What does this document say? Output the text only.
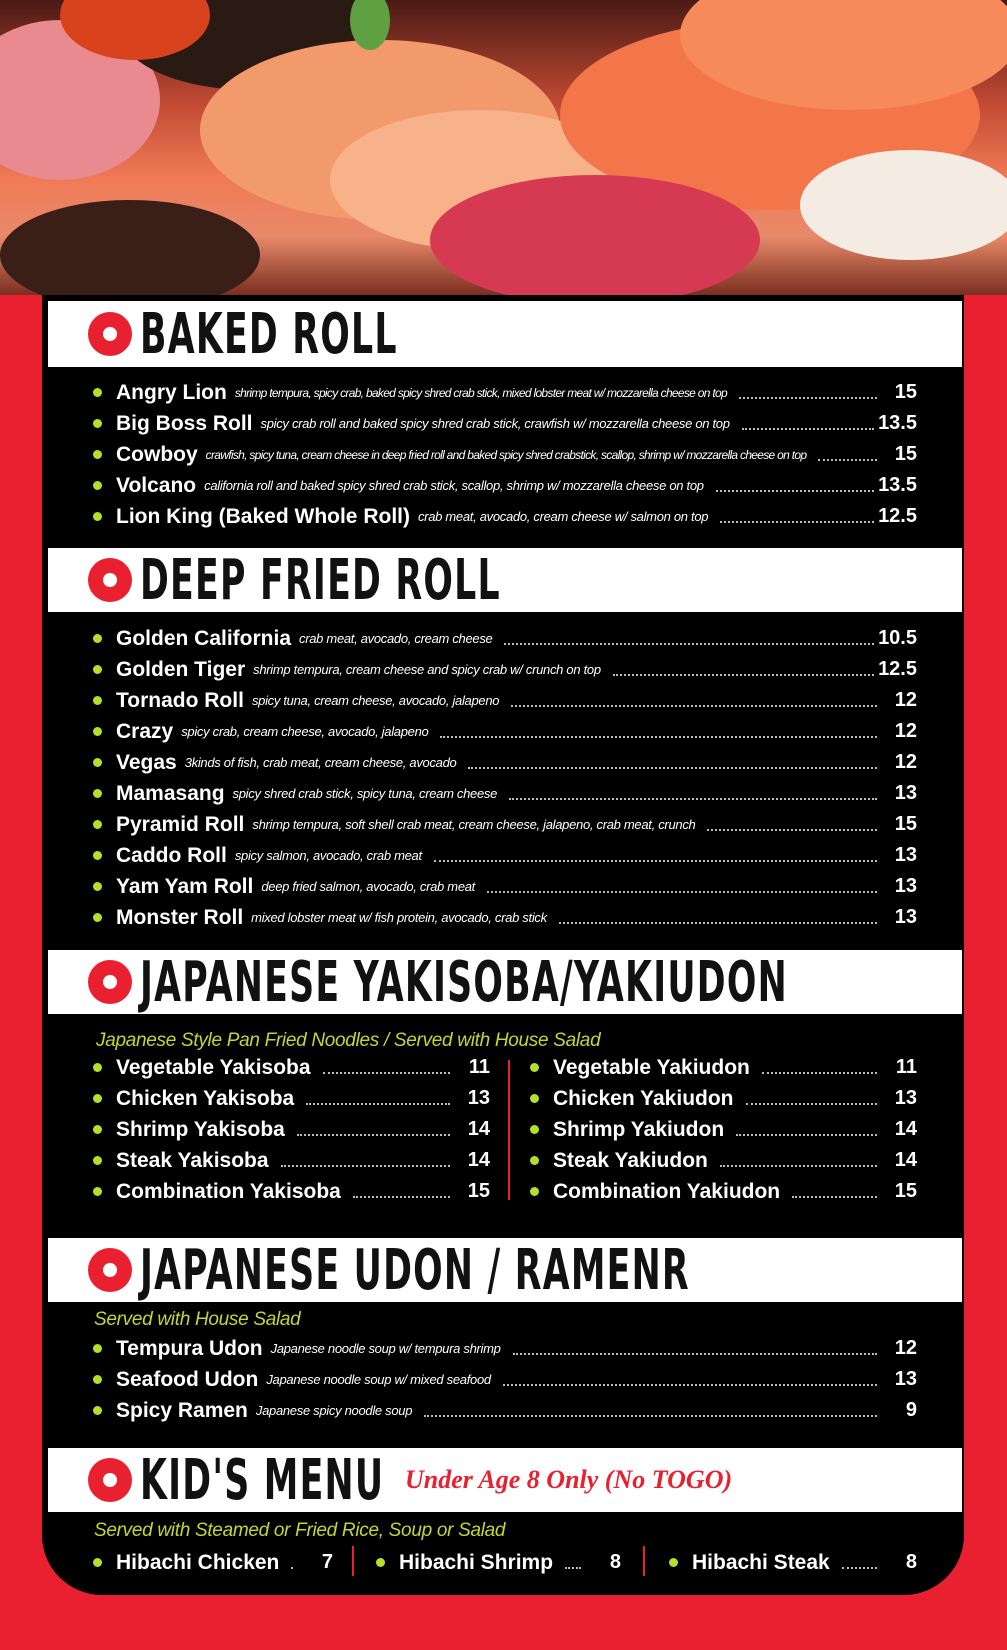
BAKED ROLL
Angry Lion shrimp tempura, spicy crab, baked spicy shred crab stick, mixed lobster meat w/ mozzarella cheese on top	15
Big Boss Roll spicy crab roll and baked spicy shred crab stick, crawfish w/ mozzarella cheese on top	13.5
Cowboy crawfish, spicy tuna, cream cheese in deep fried roll and baked spicy shred crabstick, scallop, shrimp w/ mozzarella cheese on top	15
Volcano california roll and baked spicy shred crab stick, scallop, shrimp w/ mozzarella cheese on top	13.5
Lion King (Baked Whole Roll) crab meat, avocado, cream cheese w/ salmon on top	12.5
DEEP FRIED ROLL
Golden California crab meat, avocado, cream cheese	10.5
Golden Tiger shrimp tempura, cream cheese and spicy crab w/ crunch on top	12.5
Tornado Roll spicy tuna, cream cheese, avocado, jalapeno	12
Crazy spicy crab, cream cheese, avocado, jalapeno	12
Vegas 3kinds of fish, crab meat, cream cheese, avocado	12
Mamasang spicy shred crab stick, spicy tuna, cream cheese	13
Pyramid Roll shrimp tempura, soft shell crab meat, cream cheese, jalapeno, crab meat, crunch	15
Caddo Roll spicy salmon, avocado, crab meat	13
Yam Yam Roll deep fried salmon, avocado, crab meat	13
Monster Roll mixed lobster meat w/ fish protein, avocado, crab stick	13
JAPANESE YAKISOBA/YAKIUDON
Japanese Style Pan Fried Noodles / Served with House Salad
Vegetable Yakisoba	11
Chicken Yakisoba	13
Shrimp Yakisoba	14
Steak Yakisoba	14
Combination Yakisoba	15
Vegetable Yakiudon	11
Chicken Yakiudon	13
Shrimp Yakiudon	14
Steak Yakiudon	14
Combination Yakiudon	15
JAPANESE UDON / RAMENR
Served with House Salad
Tempura Udon Japanese noodle soup w/ tempura shrimp	12
Seafood Udon Japanese noodle soup w/ mixed seafood	13
Spicy Ramen Japanese spicy noodle soup	9
KID'S MENU Under Age 8 Only (No TOGO)
Served with Steamed or Fried Rice, Soup or Salad
Hibachi Chicken	7	Hibachi Shrimp	8	Hibachi Steak	8
